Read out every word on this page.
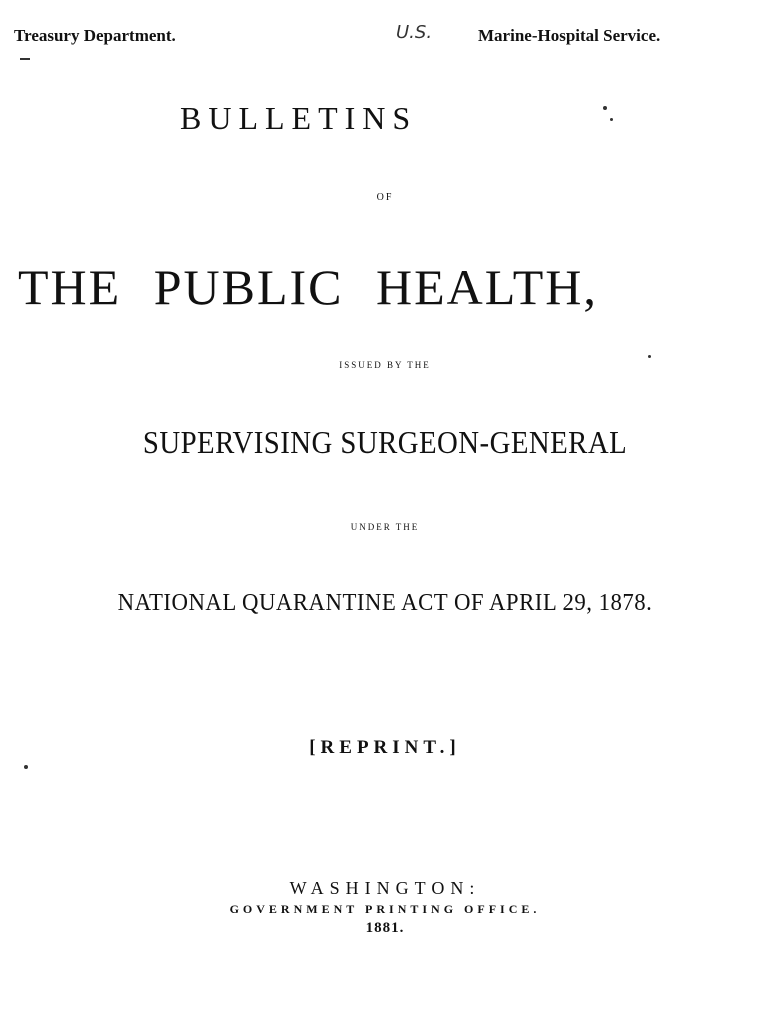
Treasury Department.	U.S.	Marine-Hospital Service.
BULLETINS
OF
THE PUBLIC HEALTH,
ISSUED BY THE
SUPERVISING SURGEON-GENERAL
UNDER THE
NATIONAL QUARANTINE ACT OF APRIL 29, 1878.
[REPRINT.]
WASHINGTON:
GOVERNMENT PRINTING OFFICE.
1881.
